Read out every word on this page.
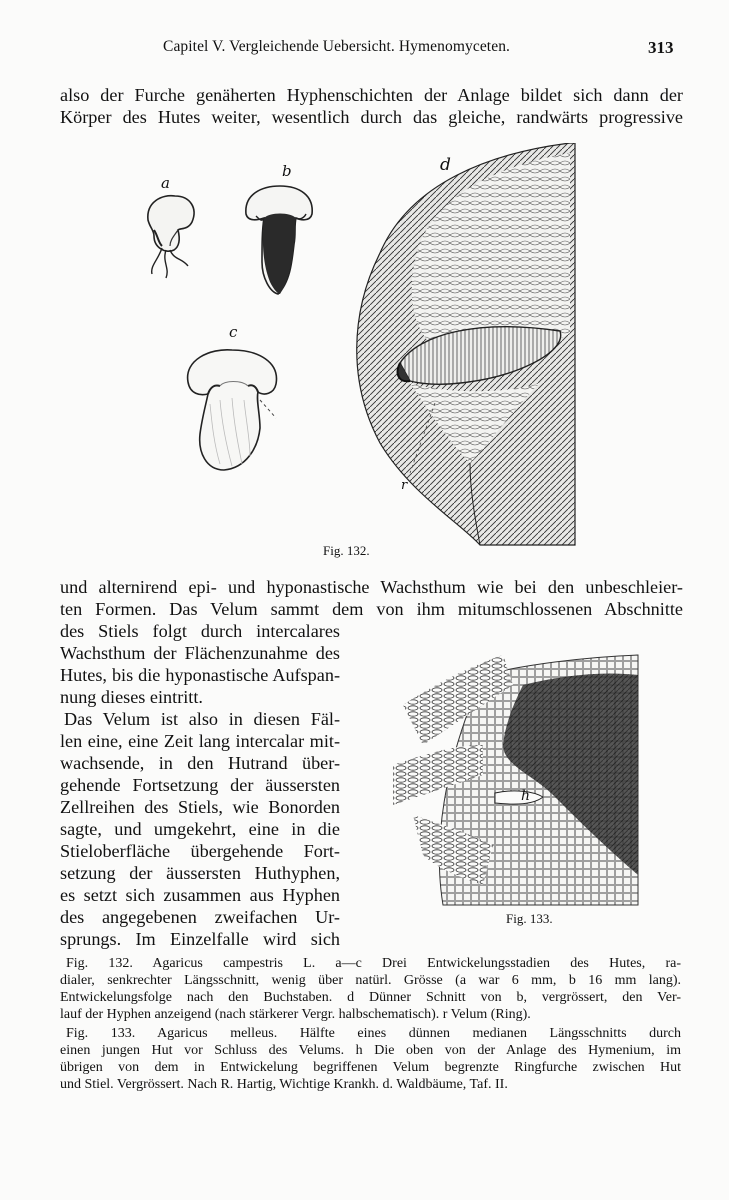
Capitel V. Vergleichende Uebersicht. Hymenomyceten.	313
also der Furche genäherten Hyphenschichten der Anlage bildet sich dann der
Körper des Hutes weiter, wesentlich durch das gleiche, randwärts progressive
a
b
c
d
r
Fig. 132.
und alternirend epi- und hyponastische Wachsthum wie bei den unbeschleier-
ten Formen. Das Velum sammt dem von ihm mitumschlossenen Abschnitte
des Stiels folgt durch intercalares
Wachsthum der Flächenzunahme des
Hutes, bis die hyponastische Aufspan-
nung dieses eintritt.
Das Velum ist also in diesen Fäl-
len eine, eine Zeit lang intercalar mit-
wachsende, in den Hutrand über-
gehende Fortsetzung der äussersten
Zellreihen des Stiels, wie Bonorden
sagte, und umgekehrt, eine in die
Stieloberfläche übergehende Fort-
setzung der äussersten Huthyphen,
es setzt sich zusammen aus Hyphen
des angegebenen zweifachen Ur-
sprungs. Im Einzelfalle wird sich
h
Fig. 133.
Fig. 132. Agaricus campestris L. a—c Drei Entwickelungsstadien des Hutes, ra-
dialer, senkrechter Längsschnitt, wenig über natürl. Grösse (a war 6 mm, b 16 mm lang).
Entwickelungsfolge nach den Buchstaben. d Dünner Schnitt von b, vergrössert, den Ver-
lauf der Hyphen anzeigend (nach stärkerer Vergr. halbschematisch). r Velum (Ring).
Fig. 133. Agaricus melleus. Hälfte eines dünnen medianen Längsschnitts durch
einen jungen Hut vor Schluss des Velums. h Die oben von der Anlage des Hymenium, im
übrigen von dem in Entwickelung begriffenen Velum begrenzte Ringfurche zwischen Hut
und Stiel. Vergrössert. Nach R. Hartig, Wichtige Krankh. d. Waldbäume, Taf. II.
